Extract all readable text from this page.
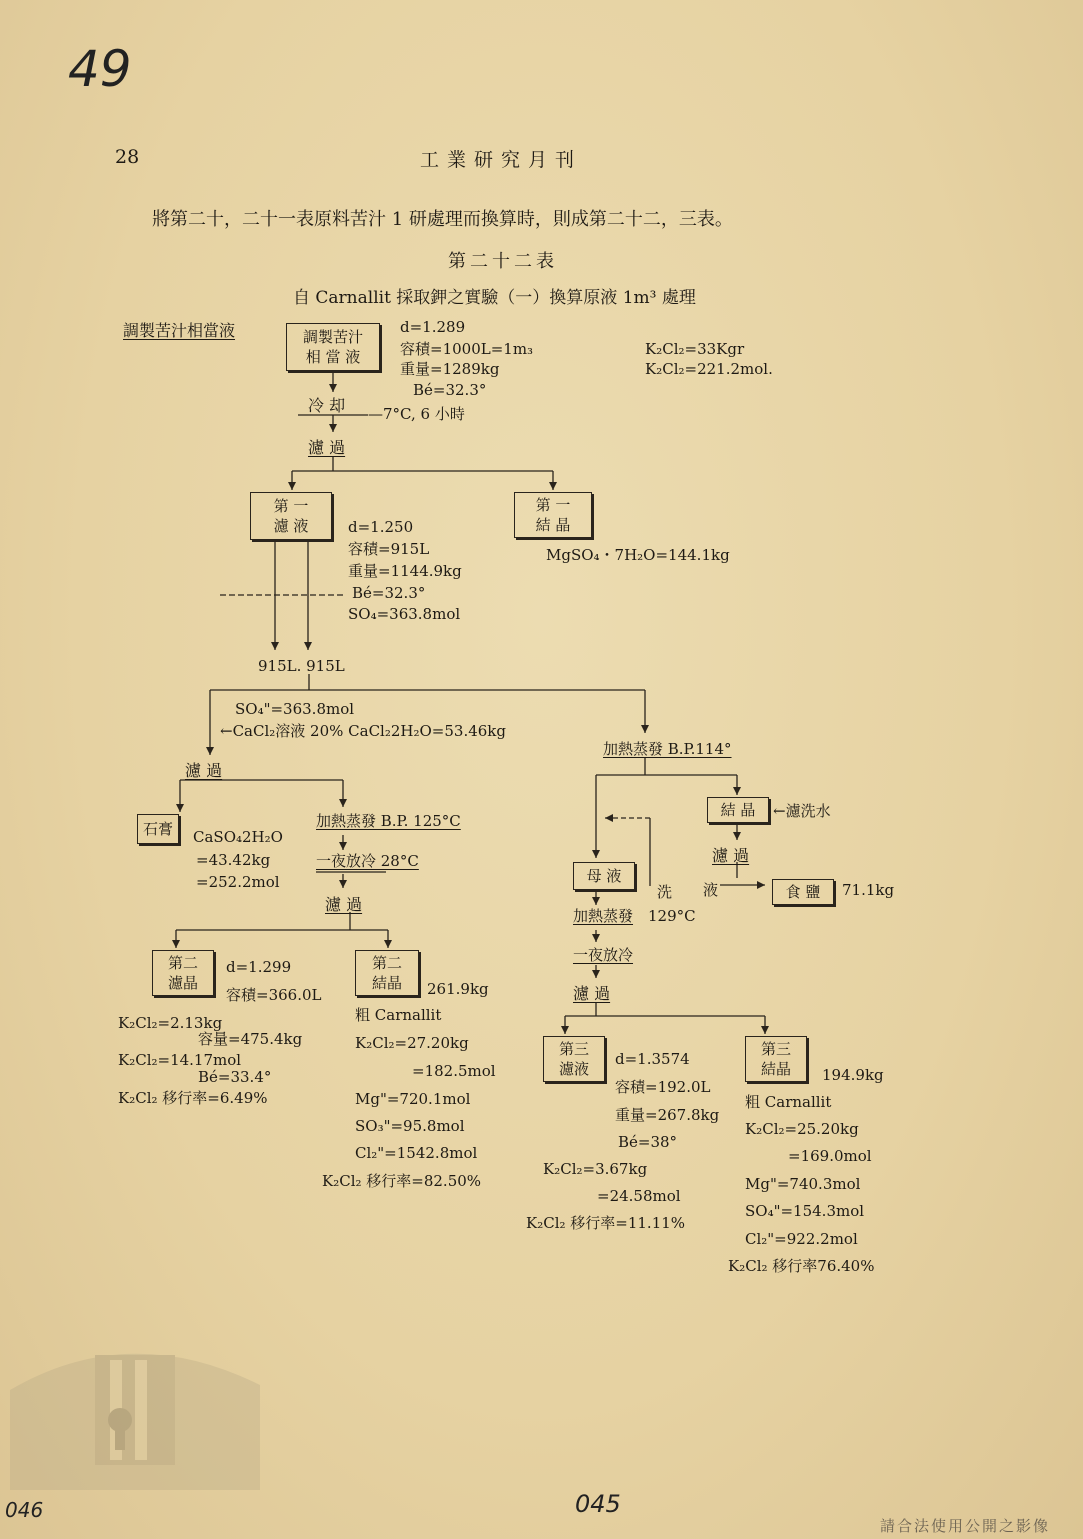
49
28	工業研究月刊
將第二十，二十一表原料苦汁 1 研處理而換算時，則成第二十二，三表。
第二十二表
自 Carnallit 採取鉀之實驗（一）換算原液 1m³ 處理
調製苦汁相當液	調製苦汁
相 當 液
d=1.289
容積=1000L=1m₃
重量=1289kg
Bé=32.3°
K₂Cl₂=33Kgr
K₂Cl₂=221.2mol.
冷 却 —7°C, 6 小時
濾 過
第 一
濾 液	d=1.250
容積=915L
重量=1144.9kg
Bé=32.3°
SO₄=363.8mol
第 一
結 晶
MgSO₄・7H₂O=144.1kg
915L. 915L
SO₄"=363.8mol
←CaCl₂溶液 20% CaCl₂2H₂O=53.46kg
濾 過
石膏 CaSO₄2H₂O
=43.42kg
=252.2mol
加熱蒸發 B.P. 125°C
一夜放冷 28°C
濾 過
第二
濾晶
d=1.299
容積=366.0L
K₂Cl₂=2.13kg
容量=475.4kg
K₂Cl₂=14.17mol
Bé=33.4°
K₂Cl₂ 移行率=6.49%
第二
結晶 261.9kg
粗 Carnallit
K₂Cl₂=27.20kg
=182.5mol
Mg"=720.1mol
SO₃"=95.8mol
Cl₂"=1542.8mol
K₂Cl₂ 移行率=82.50%
加熱蒸發 B.P.114°
結 晶 ←濾洗水
濾 過
液	食 鹽 71.1kg
母 液
洗
加熱蒸發 129°C
一夜放冷
濾 過
第三
濾液
d=1.3574
容積=192.0L
重量=267.8kg
Bé=38°
K₂Cl₂=3.67kg
=24.58mol
K₂Cl₂ 移行率=11.11%
第三
結晶 194.9kg
粗 Carnallit
K₂Cl₂=25.20kg
=169.0mol
Mg"=740.3mol
SO₄"=154.3mol
Cl₂"=922.2mol
K₂Cl₂ 移行率76.40%
046	045
請合法使用公開之影像
